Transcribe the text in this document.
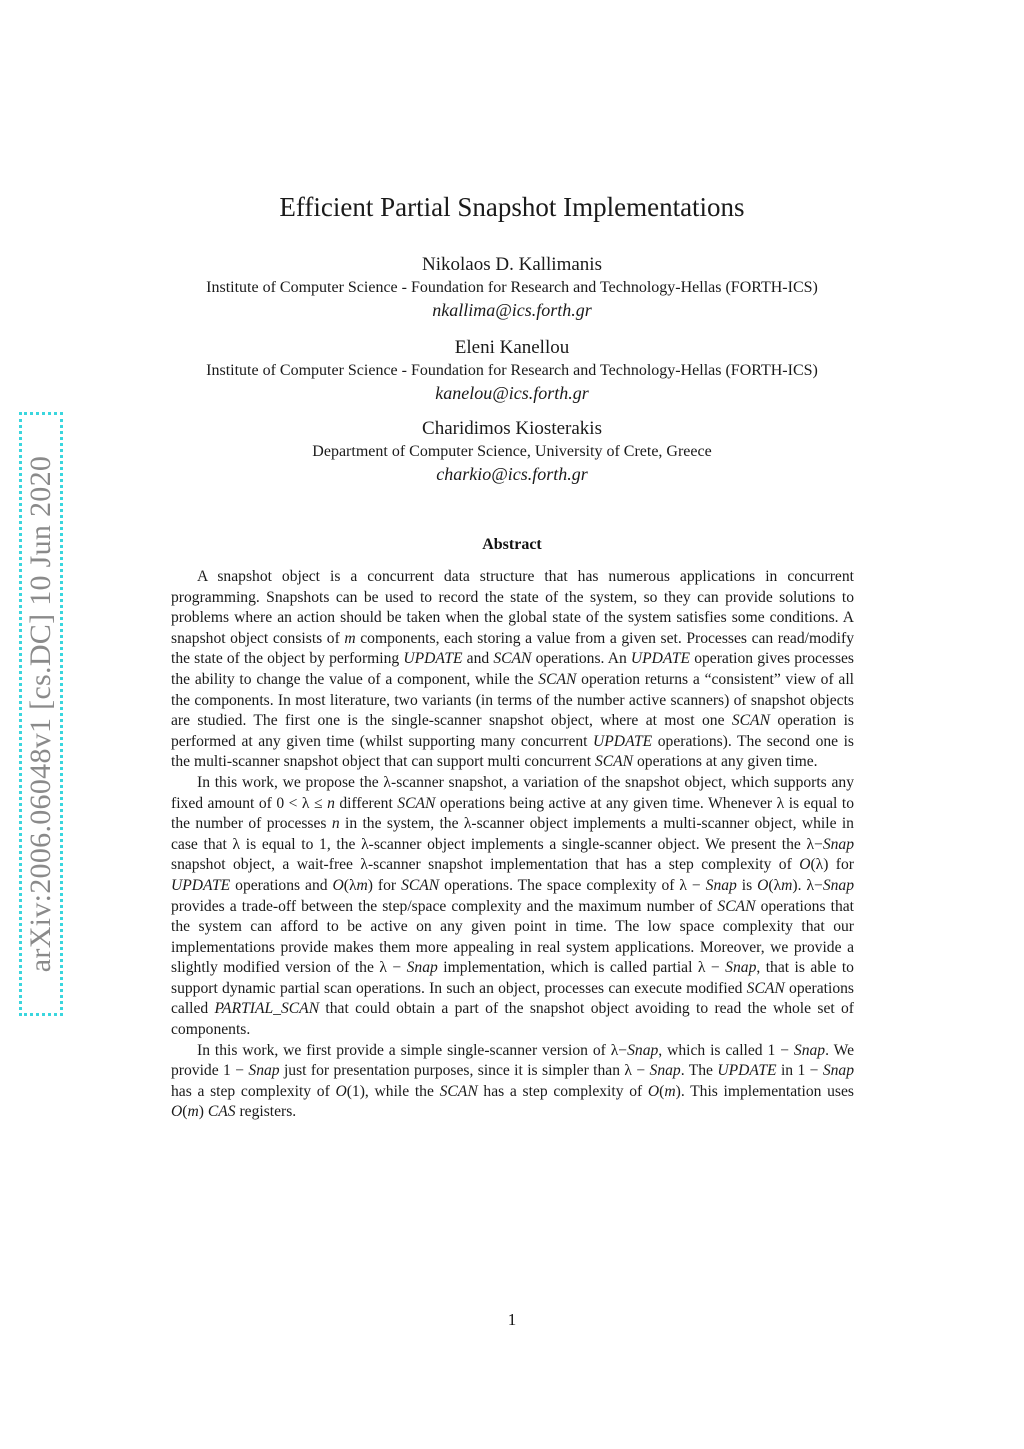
arXiv:2006.06048v1 [cs.DC] 10 Jun 2020
Efficient Partial Snapshot Implementations
Nikolaos D. Kallimanis
Institute of Computer Science - Foundation for Research and Technology-Hellas (FORTH-ICS)
nkallima@ics.forth.gr
Eleni Kanellou
Institute of Computer Science - Foundation for Research and Technology-Hellas (FORTH-ICS)
kanelou@ics.forth.gr
Charidimos Kiosterakis
Department of Computer Science, University of Crete, Greece
charkio@ics.forth.gr
Abstract

A snapshot object is a concurrent data structure that has numerous applications in concurrent programming. Snapshots can be used to record the state of the system, so they can provide solutions to problems where an action should be taken when the global state of the system satisfies some conditions. A snapshot object consists of m components, each storing a value from a given set. Processes can read/modify the state of the object by performing UPDATE and SCAN operations. An UPDATE operation gives processes the ability to change the value of a component, while the SCAN operation returns a “consistent” view of all the components. In most literature, two variants (in terms of the number active scanners) of snapshot objects are studied. The first one is the single-scanner snapshot object, where at most one SCAN operation is performed at any given time (whilst supporting many concurrent UPDATE operations). The second one is the multi-scanner snapshot object that can support multi concurrent SCAN operations at any given time.

In this work, we propose the λ-scanner snapshot, a variation of the snapshot object, which supports any fixed amount of 0 < λ ≤ n different SCAN operations being active at any given time. Whenever λ is equal to the number of processes n in the system, the λ-scanner object implements a multi-scanner object, while in case that λ is equal to 1, the λ-scanner object implements a single-scanner object. We present the λ−Snap snapshot object, a wait-free λ-scanner snapshot implementation that has a step complexity of O(λ) for UPDATE operations and O(λm) for SCAN operations. The space complexity of λ − Snap is O(λm). λ−Snap provides a trade-off between the step/space complexity and the maximum number of SCAN operations that the system can afford to be active on any given point in time. The low space complexity that our implementations provide makes them more appealing in real system applications. Moreover, we provide a slightly modified version of the λ − Snap implementation, which is called partial λ − Snap, that is able to support dynamic partial scan operations. In such an object, processes can execute modified SCAN operations called PARTIAL_SCAN that could obtain a part of the snapshot object avoiding to read the whole set of components.

In this work, we first provide a simple single-scanner version of λ−Snap, which is called 1 − Snap. We provide 1 − Snap just for presentation purposes, since it is simpler than λ − Snap. The UPDATE in 1 − Snap has a step complexity of O(1), while the SCAN has a step complexity of O(m). This implementation uses O(m) CAS registers.

1
